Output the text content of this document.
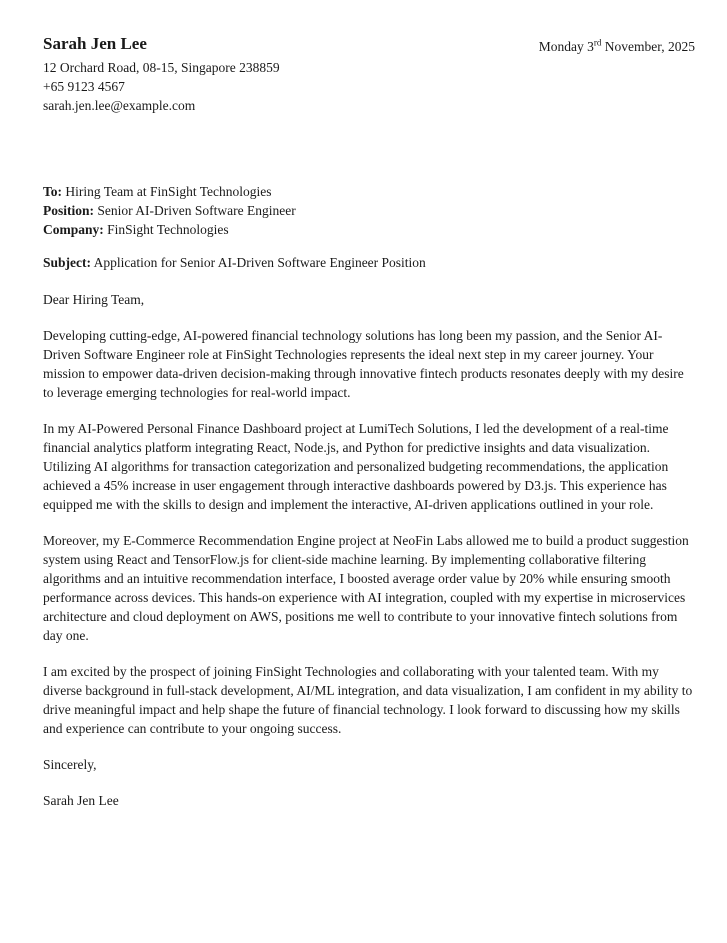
Sarah Jen Lee
12 Orchard Road, 08-15, Singapore 238859
+65 9123 4567
sarah.jen.lee@example.com
Monday 3rd November, 2025
To: Hiring Team at FinSight Technologies
Position: Senior AI-Driven Software Engineer
Company: FinSight Technologies
Subject: Application for Senior AI-Driven Software Engineer Position

Dear Hiring Team,

Developing cutting-edge, AI-powered financial technology solutions has long been my passion, and the Senior AI-Driven Software Engineer role at FinSight Technologies represents the ideal next step in my career journey. Your mission to empower data-driven decision-making through innovative fintech products resonates deeply with my desire to leverage emerging technologies for real-world impact.

In my AI-Powered Personal Finance Dashboard project at LumiTech Solutions, I led the development of a real-time financial analytics platform integrating React, Node.js, and Python for predictive insights and data visualization. Utilizing AI algorithms for transaction categorization and personalized budgeting recommendations, the application achieved a 45% increase in user engagement through interactive dashboards powered by D3.js. This experience has equipped me with the skills to design and implement the interactive, AI-driven applications outlined in your role.

Moreover, my E-Commerce Recommendation Engine project at NeoFin Labs allowed me to build a product suggestion system using React and TensorFlow.js for client-side machine learning. By implementing collaborative filtering algorithms and an intuitive recommendation interface, I boosted average order value by 20% while ensuring smooth performance across devices. This hands-on experience with AI integration, coupled with my expertise in microservices architecture and cloud deployment on AWS, positions me well to contribute to your innovative fintech solutions from day one.

I am excited by the prospect of joining FinSight Technologies and collaborating with your talented team. With my diverse background in full-stack development, AI/ML integration, and data visualization, I am confident in my ability to drive meaningful impact and help shape the future of financial technology. I look forward to discussing how my skills and experience can contribute to your ongoing success.

Sincerely,

Sarah Jen Lee
